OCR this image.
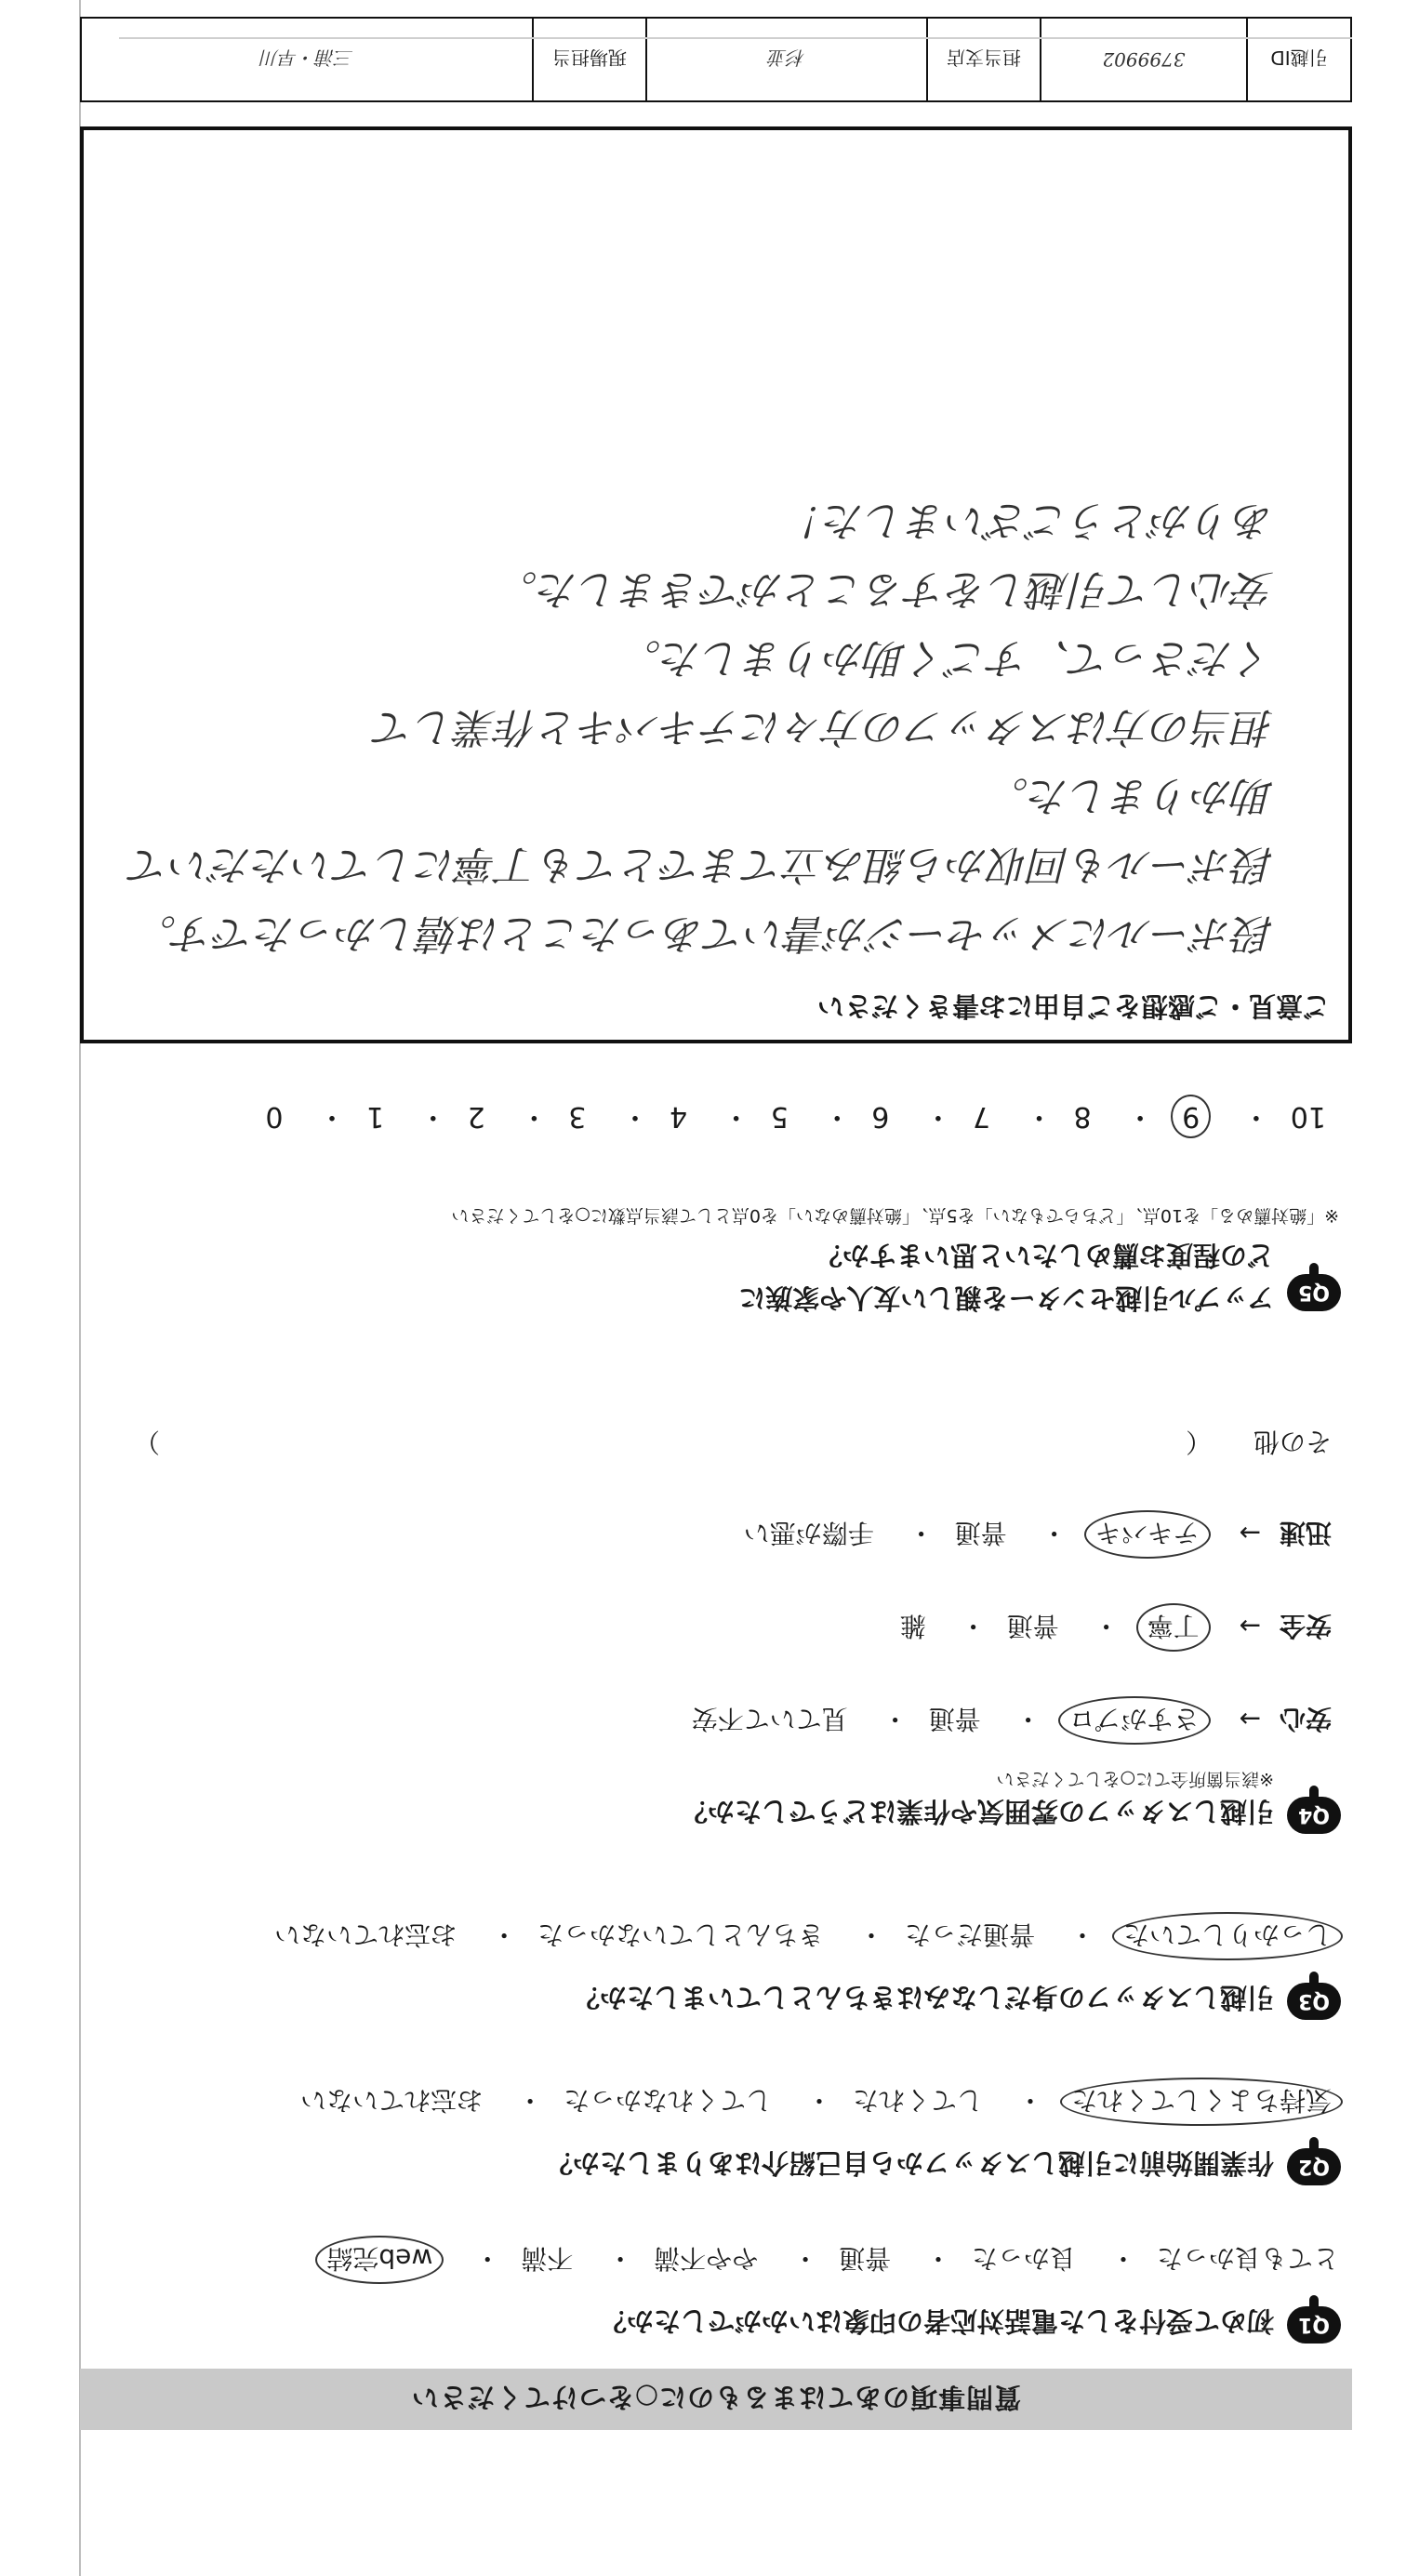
質問事項のあてはまるものに○をつけてください
Q1
初めて受付をした電話対応者の印象はいかがでしたか？
とても良かった・ 良かった・ 普通・ やや不満・ 不満・ web完結
Q2
作業開始前に引越しスタッフから自己紹介はありましたか？
気持ちよくしてくれた・ してくれた・ してくれなかった・ お忘れていない
Q3
引越しスタッフの身だしなみはきちんとしていましたか？
しっかりしていた・ 普通だった・ きちんとしていなかった・ お忘れていない
Q4
引越しスタッフの雰囲気や作業はどうでしたか？
※該当箇所全てに○をしてください
安心→ さすがプロ・ 普通・ 見ていて不安
安全→ 丁寧・ 普通・ 雑
迅速→ テキパキ・ 普通・ 手際が悪い
その他 （
）
Q5
アップル引越センターを親しい友人や家族に
どの程度お薦めしたいと思いますか？
※「絶対薦める」を10点、「どちらでもない」を5点、「絶対薦めない」を0点として該当点数に○をしてください
10・ 9・ 8・ 7・ 6・ 5・ 4・ 3・ 2・ 1・ 0
ご意見・ご感想をご自由にお書きください
段ボールにメッセージが書いてあったことは嬉しかったです。
段ボールも回収から組み立てまでとても丁寧にしていただいて
助かりました。
担当の方はスタッフの方々にテキパキと作業して
くださって、すごく助かりました。
安心して引越しをすることができました。
ありがとうございました！
引越ID
3799902
担当支店
杉並
現場担当
三浦・早川
